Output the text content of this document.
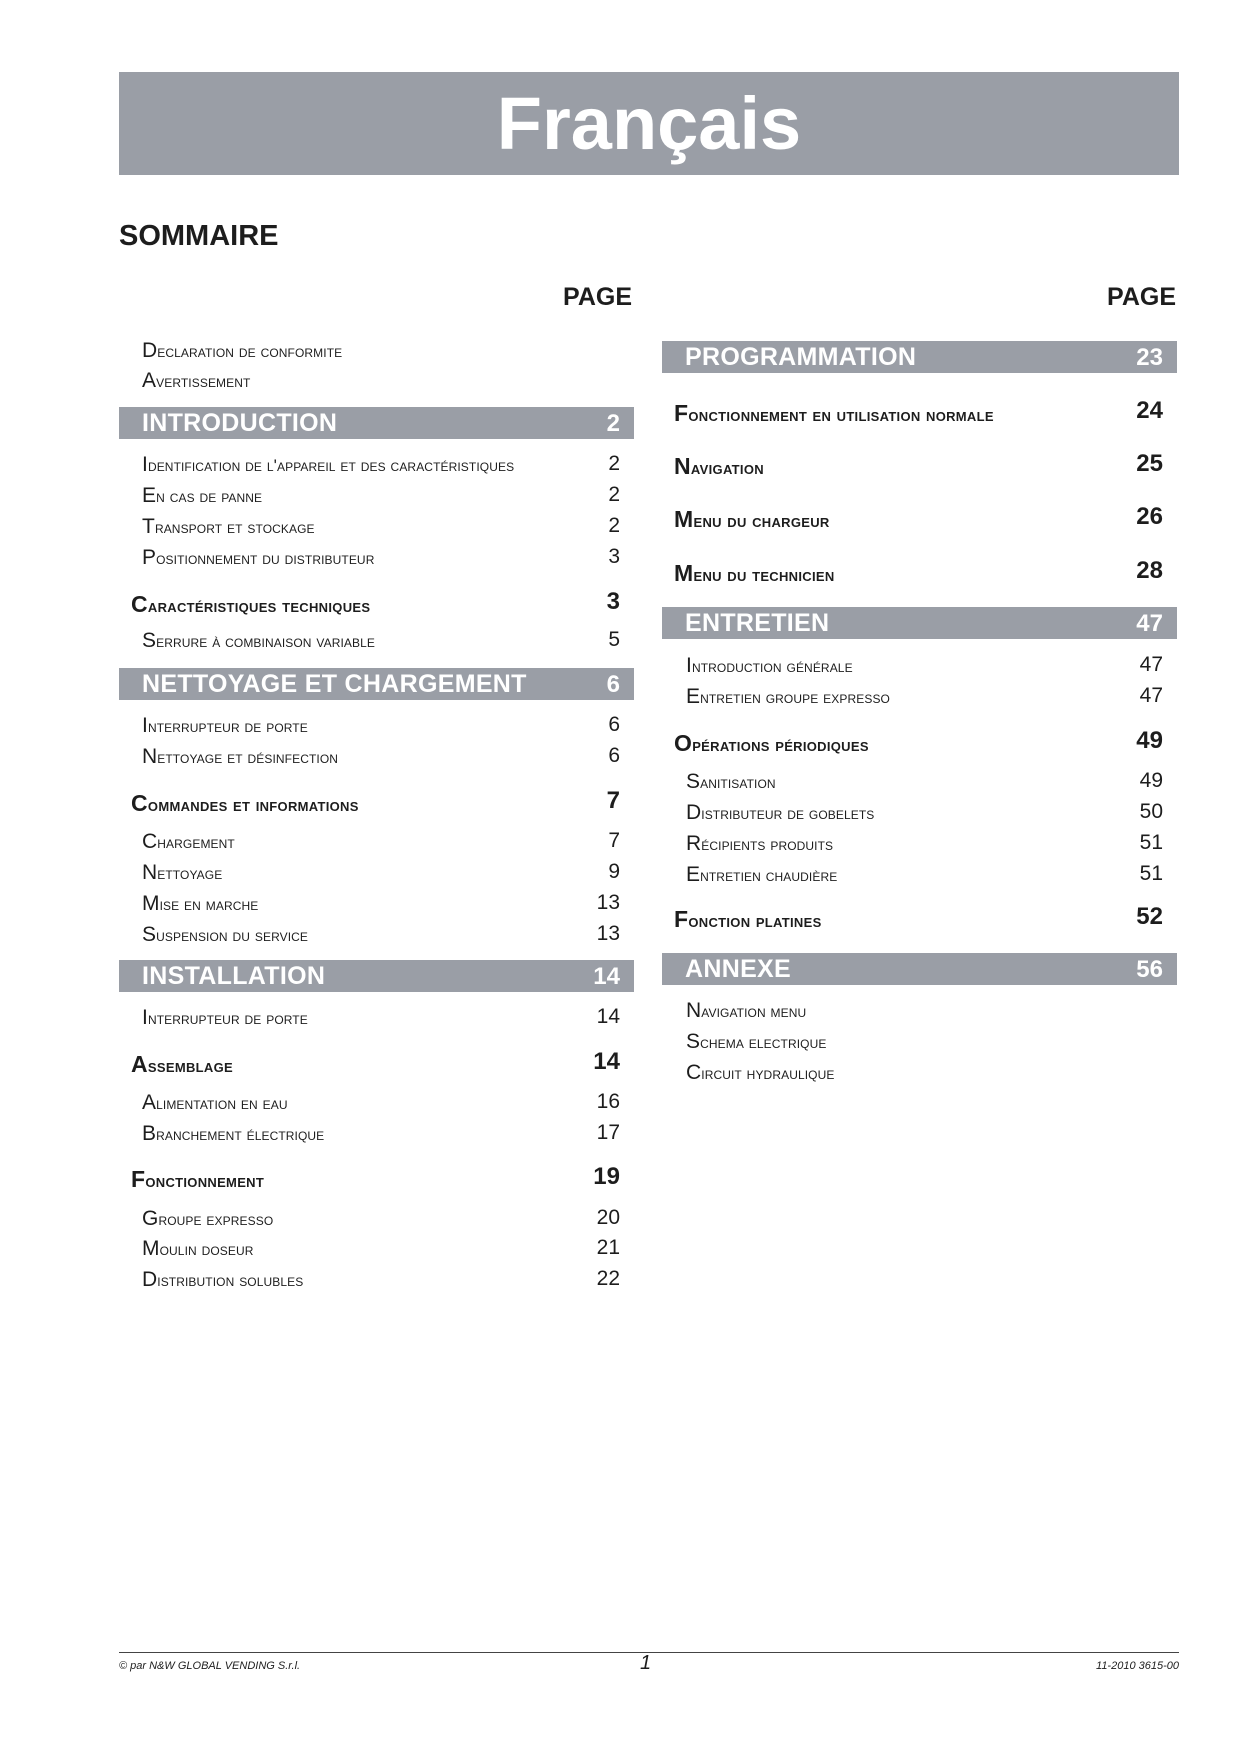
Français
SOMMAIRE
PAGE	PAGE
Declaration de conformite
Avertissement
INTRODUCTION	2
Identification de l'appareil et des caractéristiques	2
En cas de panne	2
Transport et stockage	2
Positionnement du distributeur	3
Caractéristiques techniques	3
Serrure à combinaison variable	5
NETTOYAGE ET CHARGEMENT	6
Interrupteur de porte	6
Nettoyage et désinfection	6
Commandes et informations	7
Chargement	7
Nettoyage	9
Mise en marche	13
Suspension du service	13
INSTALLATION	14
Interrupteur de porte	14
Assemblage	14
Alimentation en eau	16
Branchement électrique	17
Fonctionnement	19
Groupe expresso	20
Moulin doseur	21
Distribution solubles	22
PROGRAMMATION	23
Fonctionnement en utilisation normale	24
Navigation	25
Menu du chargeur	26
Menu du technicien	28
ENTRETIEN	47
Introduction générale	47
Entretien groupe expresso	47
Opérations périodiques	49
Sanitisation	49
Distributeur de gobelets	50
Récipients produits	51
Entretien chaudière	51
Fonction platines	52
ANNEXE	56
Navigation menu
Schema electrique
Circuit hydraulique
© par N&W GLOBAL VENDING S.r.l.	1	11-2010 3615-00
